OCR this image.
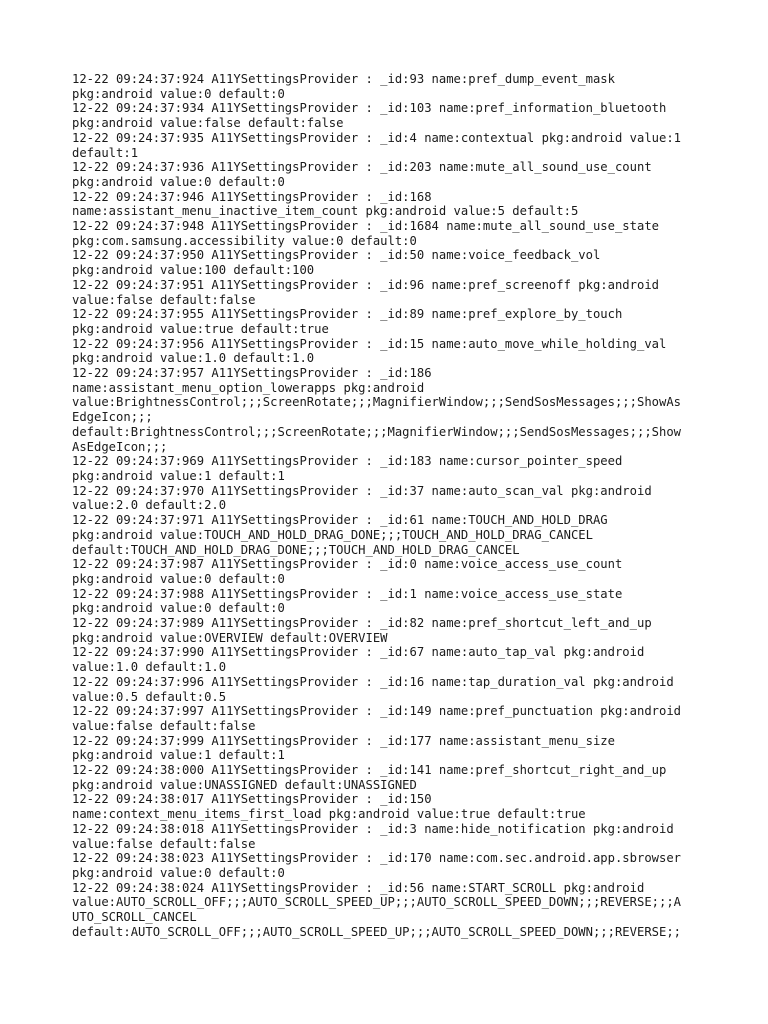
12-22 09:24:37:924 A11YSettingsProvider : _id:93 name:pref_dump_event_mask
pkg:android value:0 default:0
12-22 09:24:37:934 A11YSettingsProvider : _id:103 name:pref_information_bluetooth
pkg:android value:false default:false
12-22 09:24:37:935 A11YSettingsProvider : _id:4 name:contextual pkg:android value:1
default:1
12-22 09:24:37:936 A11YSettingsProvider : _id:203 name:mute_all_sound_use_count
pkg:android value:0 default:0
12-22 09:24:37:946 A11YSettingsProvider : _id:168
name:assistant_menu_inactive_item_count pkg:android value:5 default:5
12-22 09:24:37:948 A11YSettingsProvider : _id:1684 name:mute_all_sound_use_state
pkg:com.samsung.accessibility value:0 default:0
12-22 09:24:37:950 A11YSettingsProvider : _id:50 name:voice_feedback_vol
pkg:android value:100 default:100
12-22 09:24:37:951 A11YSettingsProvider : _id:96 name:pref_screenoff pkg:android
value:false default:false
12-22 09:24:37:955 A11YSettingsProvider : _id:89 name:pref_explore_by_touch
pkg:android value:true default:true
12-22 09:24:37:956 A11YSettingsProvider : _id:15 name:auto_move_while_holding_val
pkg:android value:1.0 default:1.0
12-22 09:24:37:957 A11YSettingsProvider : _id:186
name:assistant_menu_option_lowerapps pkg:android
value:BrightnessControl;;;ScreenRotate;;;MagnifierWindow;;;SendSosMessages;;;ShowAs
EdgeIcon;;;
default:BrightnessControl;;;ScreenRotate;;;MagnifierWindow;;;SendSosMessages;;;Show
AsEdgeIcon;;;
12-22 09:24:37:969 A11YSettingsProvider : _id:183 name:cursor_pointer_speed
pkg:android value:1 default:1
12-22 09:24:37:970 A11YSettingsProvider : _id:37 name:auto_scan_val pkg:android
value:2.0 default:2.0
12-22 09:24:37:971 A11YSettingsProvider : _id:61 name:TOUCH_AND_HOLD_DRAG
pkg:android value:TOUCH_AND_HOLD_DRAG_DONE;;;TOUCH_AND_HOLD_DRAG_CANCEL
default:TOUCH_AND_HOLD_DRAG_DONE;;;TOUCH_AND_HOLD_DRAG_CANCEL
12-22 09:24:37:987 A11YSettingsProvider : _id:0 name:voice_access_use_count
pkg:android value:0 default:0
12-22 09:24:37:988 A11YSettingsProvider : _id:1 name:voice_access_use_state
pkg:android value:0 default:0
12-22 09:24:37:989 A11YSettingsProvider : _id:82 name:pref_shortcut_left_and_up
pkg:android value:OVERVIEW default:OVERVIEW
12-22 09:24:37:990 A11YSettingsProvider : _id:67 name:auto_tap_val pkg:android
value:1.0 default:1.0
12-22 09:24:37:996 A11YSettingsProvider : _id:16 name:tap_duration_val pkg:android
value:0.5 default:0.5
12-22 09:24:37:997 A11YSettingsProvider : _id:149 name:pref_punctuation pkg:android
value:false default:false
12-22 09:24:37:999 A11YSettingsProvider : _id:177 name:assistant_menu_size
pkg:android value:1 default:1
12-22 09:24:38:000 A11YSettingsProvider : _id:141 name:pref_shortcut_right_and_up
pkg:android value:UNASSIGNED default:UNASSIGNED
12-22 09:24:38:017 A11YSettingsProvider : _id:150
name:context_menu_items_first_load pkg:android value:true default:true
12-22 09:24:38:018 A11YSettingsProvider : _id:3 name:hide_notification pkg:android
value:false default:false
12-22 09:24:38:023 A11YSettingsProvider : _id:170 name:com.sec.android.app.sbrowser
pkg:android value:0 default:0
12-22 09:24:38:024 A11YSettingsProvider : _id:56 name:START_SCROLL pkg:android
value:AUTO_SCROLL_OFF;;;AUTO_SCROLL_SPEED_UP;;;AUTO_SCROLL_SPEED_DOWN;;;REVERSE;;;A
UTO_SCROLL_CANCEL
default:AUTO_SCROLL_OFF;;;AUTO_SCROLL_SPEED_UP;;;AUTO_SCROLL_SPEED_DOWN;;;REVERSE;;
